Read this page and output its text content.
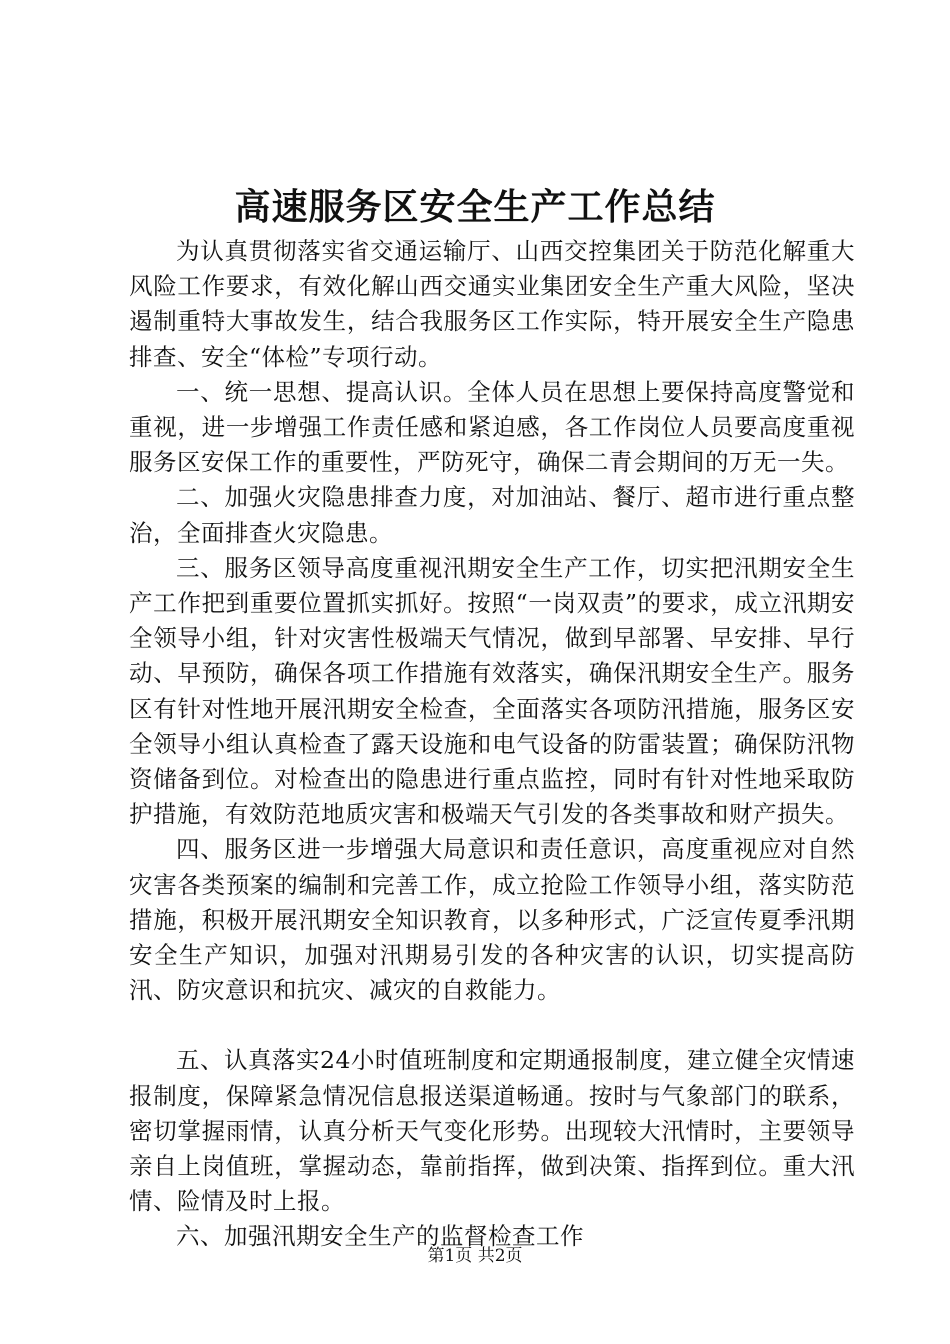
高速服务区安全生产工作总结

为认真贯彻落实省交通运输厅、山西交控集团关于防范化解重大风险工作要求，有效化解山西交通实业集团安全生产重大风险，坚决遏制重特大事故发生，结合我服务区工作实际，特开展安全生产隐患排查、安全“体检”专项行动。

一、统一思想、提高认识。全体人员在思想上要保持高度警觉和重视，进一步增强工作责任感和紧迫感，各工作岗位人员要高度重视服务区安保工作的重要性，严防死守，确保二青会期间的万无一失。

二、加强火灾隐患排查力度，对加油站、餐厅、超市进行重点整治，全面排查火灾隐患。

三、服务区领导高度重视汛期安全生产工作，切实把汛期安全生产工作把到重要位置抓实抓好。按照“一岗双责”的要求，成立汛期安全领导小组，针对灾害性极端天气情况，做到早部署、早安排、早行动、早预防，确保各项工作措施有效落实，确保汛期安全生产。服务区有针对性地开展汛期安全检查，全面落实各项防汛措施，服务区安全领导小组认真检查了露天设施和电气设备的防雷装置；确保防汛物资储备到位。对检查出的隐患进行重点监控，同时有针对性地采取防护措施，有效防范地质灾害和极端天气引发的各类事故和财产损失。

四、服务区进一步增强大局意识和责任意识，高度重视应对自然灾害各类预案的编制和完善工作，成立抢险工作领导小组，落实防范措施，积极开展汛期安全知识教育，以多种形式，广泛宣传夏季汛期安全生产知识，加强对汛期易引发的各种灾害的认识，切实提高防汛、防灾意识和抗灾、减灾的自救能力。

五、认真落实24小时值班制度和定期通报制度，建立健全灾情速报制度，保障紧急情况信息报送渠道畅通。按时与气象部门的联系，密切掌握雨情，认真分析天气变化形势。出现较大汛情时，主要领导亲自上岗值班，掌握动态，靠前指挥，做到决策、指挥到位。重大汛情、险情及时上报。

六、加强汛期安全生产的监督检查工作

第1页 共2页
